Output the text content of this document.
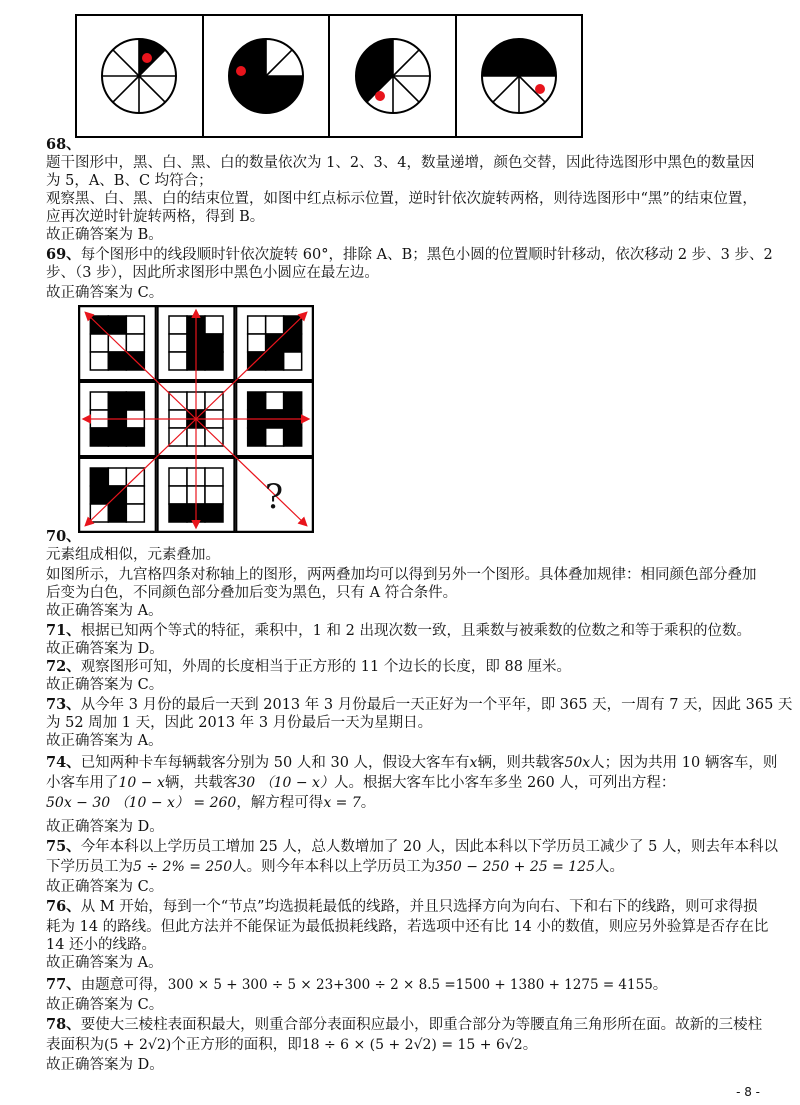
68、
题干图形中，黑、白、黑、白的数量依次为 1、2、3、4，数量递增，颜色交替，因此待选图形中黑色的数量因
为 5，A、B、C 均符合；
观察黑、白、黑、白的结束位置，如图中红点标示位置，逆时针依次旋转两格，则待选图形中“黑”的结束位置，
应再次逆时针旋转两格，得到 B。
故正确答案为 B。
69、每个图形中的线段顺时针依次旋转 60°，排除 A、B；黑色小圆的位置顺时针移动，依次移动 2 步、3 步、2
步、（3 步），因此所求图形中黑色小圆应在最左边。
故正确答案为 C。
?
70、
元素组成相似，元素叠加。
如图所示，九宫格四条对称轴上的图形，两两叠加均可以得到另外一个图形。具体叠加规律：相同颜色部分叠加
后变为白色，不同颜色部分叠加后变为黑色，只有 A 符合条件。
故正确答案为 A。
71、根据已知两个等式的特征，乘积中，1 和 2 出现次数一致，且乘数与被乘数的位数之和等于乘积的位数。
故正确答案为 D。
72、观察图形可知，外周的长度相当于正方形的 11 个边长的长度，即 88 厘米。
故正确答案为 C。
73、从今年 3 月份的最后一天到 2013 年 3 月份最后一天正好为一个平年，即 365 天，一周有 7 天，因此 365 天
为 52 周加 1 天，因此 2013 年 3 月份最后一天为星期日。
故正确答案为 A。
74、已知两种卡车每辆载客分别为 50 人和 30 人，假设大客车有x辆，则共载客50x人；因为共用 10 辆客车，则
小客车用了10 − x辆，共载客30 （10 − x）人。根据大客车比小客车多坐 260 人，可列出方程：
50x − 30 （10 − x） = 260，解方程可得x = 7。
故正确答案为 D。
75、今年本科以上学历员工增加 25 人，总人数增加了 20 人，因此本科以下学历员工减少了 5 人，则去年本科以
下学历员工为5 ÷ 2% = 250人。则今年本科以上学历员工为350 − 250 + 25 = 125人。
故正确答案为 C。
76、从 M 开始，每到一个“节点”均选损耗最低的线路，并且只选择方向为向右、下和右下的线路，则可求得损
耗为 14 的路线。但此方法并不能保证为最低损耗线路，若选项中还有比 14 小的数值，则应另外验算是否存在比
14 还小的线路。
故正确答案为 A。
77、由题意可得，300 × 5 + 300 ÷ 5 × 23+300 ÷ 2 × 8.5 =1500 + 1380 + 1275 = 4155。
故正确答案为 C。
78、要使大三棱柱表面积最大，则重合部分表面积应最小，即重合部分为等腰直角三角形所在面。故新的三棱柱
表面积为(5 + 2√2)个正方形的面积，即18 ÷ 6 × (5 + 2√2) = 15 + 6√2。
故正确答案为 D。
- 8 -
